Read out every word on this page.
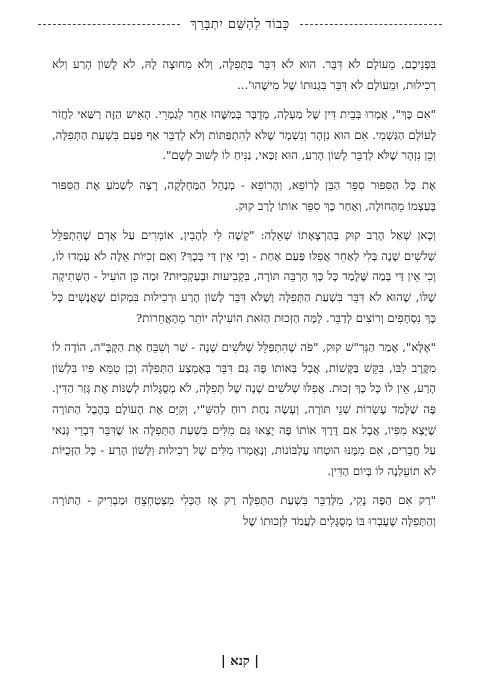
כָּבוֹד לַהַשֵּׁם יִתְבָּרַךְ

בִּפְנֵיכֶם, מֵעוֹלָם לֹא דִּבֵּר. הוּא לֹא דִּבֵּר בַּתְּפִלָּה, וְלֹא מִחוּצָה לָהּ, לֹא לָשׁוֹן הָרַע וְלֹא רְכִילוּת, וּמֵעוֹלָם לֹא דִּבֵּר בִּגְנוּתוֹ שֶׁל מִישֶׁהוּ'...

"אִם כָּךְ", אָמְרוּ בְּבֵית דִּין שֶׁל מַעְלָה, מְדֻבָּר בְּמַשֶּׁהוּ אַחֵר לְגַמְרֵי. הָאִישׁ הַזֶּה רַשַּׁאי לַחֲזֹר לָעוֹלָם הַגַּשְׁמִי. אִם הוּא נִזְהָר וְנִשְׁמָר שֶׁלֹּא לְהִתְפַּתּוֹת וְלֹא לְדַבֵּר אַף פַּעַם בִּשְׁעַת הַתְּפִלָּה, וְכֵן נִזְהָר שֶׁלֹּא לְדַבֵּר לָשׁוֹן הָרַע, הוּא זַכַּאי, נַנִּיחַ לוֹ לָשׁוּב לְשָׁם".

אֶת כָּל הַסִּפּוּר סִפֵּר הַבֵּן לָרוֹפֵא, וְהָרוֹפֵא - מְנַהֵל הַמַּחְלָקָה, רָצָה לִשְׁמֹעַ אֶת הַסִּפּוּר בְּעַצְמוֹ מֵהַחוֹלֶה, וְאַחַר כָּךְ סִפֵּר אוֹתוֹ לָרַב קוּק.

וְכָאן שָׁאַל הָרַב קוּק בְּהַרְצָאָתוֹ שְׁאֵלָה: "קָשֶׁה לִי לְהָבִין, אוֹמְרִים עַל אָדָם שֶׁהִתְפַּלֵּל שְׁלֹשִׁים שָׁנָה בְּלִי לְאַחֵר אֲפִלּוּ פַּעַם אַחַת - וְכִי אֵין דַּי בְּכָךְ? וְאִם זְכִיּוֹת אֵלֶּה לֹא עָמְדוּ לוֹ, וְכִי אֵין דַּי בְּמַה שֶּׁלָּמַד כָּל כָּךְ הַרְבֵּה תּוֹרָה, בִּקְבִיעוּת וּבְעַקְבִיּוּת? וּמַה כֵּן הוֹעִיל - הַשְּׁתִיקָה שֶׁלּוֹ, שֶׁהוּא לֹא דִּבֵּר בִּשְׁעַת הַתְּפִלָּה וְשֶׁלֹּא דִּבֵּר לָשׁוֹן הָרַע וּרְכִילוּת בִּמְקוֹם שֶׁאֲנָשִׁים כָּל כָּךְ נִסְחָפִים וְרוֹצִים לְדַבֵּר. לָמָּה הַזְּכוּת הַזֹּאת הוֹעִילָה יוֹתֵר מֵהָאֲחֵרוֹת?

"אֶלָּא", אָמַר הַגְּרִ"שׁ קוּק, "פֹּה שֶׁהִתְפַּלֵּל שְׁלֹשִׁים שָׁנָה - שַׁר וְשִׁבֵּחַ אֶת הַקָּבָּ"ה, הוֹדָה לוֹ מִקֶּרֶב לִבּוֹ, בִּקֵּשׁ בַּקָּשׁוֹת, אֲבָל בְּאוֹתוֹ פֶּה גַּם דִּבֵּר בְּאֶמְצַע הַתְּפִלָּה וְכֵן טִמֵּא פִּיו בִּלְשׁוֹן הָרַע, אֵין לוֹ כָּל כָּךְ זְכוּת. אֲפִלּוּ שְׁלֹשִׁים שָׁנָה שֶׁל תְּפִלָּה, לֹא מְסֻגָּלוֹת לְשַׁנּוֹת אֶת גְּזַר הַדִּין. פֶּה שֶׁלָּמַד עֶשְׂרוֹת שְׁנֵי תּוֹרָה, וְעָשָׂה נַחַת רוּחַ לְהַשֵּׁ"י, וְקִיֵּם אֶת הָעוֹלָם בְּהֶבֶל הַתּוֹרָה שֶׁיָּצָא מִפִּיו, אֲבָל אִם דֶּרֶךְ אוֹתוֹ פֶּה יָצְאוּ גַּם מִלִּים בִּשְׁעַת הַתְּפִלָּה אוֹ שֶׁדִּבֵּר דִּבְרֵי גְּנַאי עַל חֲבֵרִים, אִם מִמֶּנּוּ הוּטְחוּ עֶלְבּוֹנוֹת, וְנֶאֶמְרוּ מִלִּים שֶׁל רְכִילוּת וְלָשׁוֹן הָרַע - כָּל הַזְּכֻיּוֹת לֹא תוֹעֵלְנָה לוֹ בְּיוֹם הַדִּין.

"רַק אִם הַפֶּה נָקִי, מִלְּדַבֵּר בִּשְׁעַת הַתְּפִלָּה רַק אָז הַכְּלִי מִצְטַחְצֵחַ וּמַבְרִיק - הַתּוֹרָה וְהַתְּפִלָּה שֶׁעָבְרוּ בּוֹ מְסֻגָּלִים לַעֲמֹד לִזְכוּתוֹ שֶׁל

| קנא |
